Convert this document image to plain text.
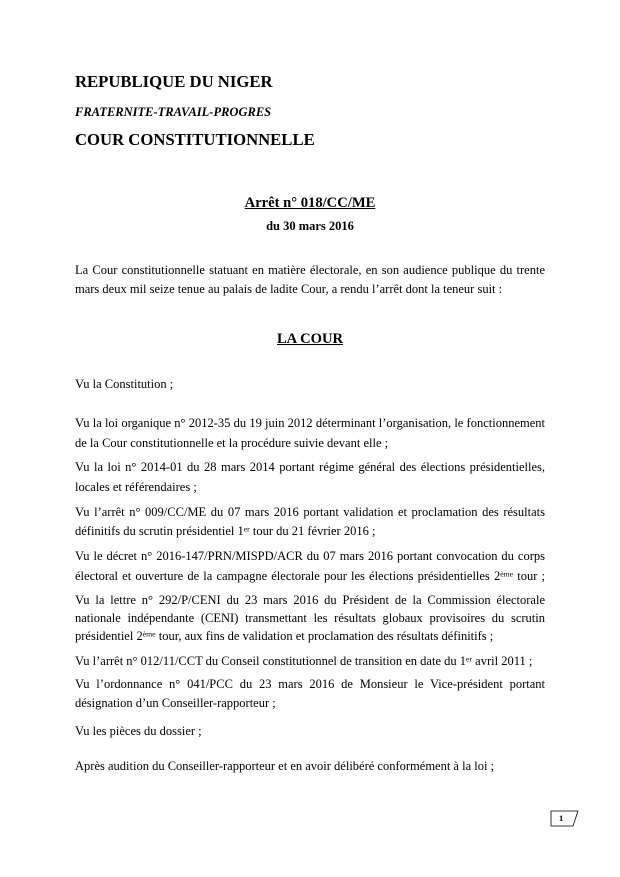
REPUBLIQUE DU NIGER
FRATERNITE-TRAVAIL-PROGRES
COUR CONSTITUTIONNELLE
Arrêt n° 018/CC/ME
du 30 mars 2016
La Cour constitutionnelle statuant en matière électorale, en son audience publique du trente
mars deux mil seize tenue au palais de ladite Cour, a rendu l’arrêt dont la teneur suit :
LA COUR
Vu la Constitution ;
Vu la loi organique n° 2012-35 du 19 juin 2012 déterminant l’organisation, le fonctionnement
de la Cour constitutionnelle et la procédure suivie devant elle ;
Vu la loi n° 2014-01 du 28 mars 2014 portant régime général des élections présidentielles,
locales et référendaires ;
Vu l’arrêt n° 009/CC/ME du 07 mars 2016 portant validation et proclamation des résultats
définitifs du scrutin présidentiel 1er tour du 21 février 2016 ;
Vu le décret n° 2016-147/PRN/MISPD/ACR du 07 mars 2016 portant convocation du corps
électoral et ouverture de la campagne électorale pour les élections présidentielles 2ème tour ;
Vu la lettre n° 292/P/CENI du 23 mars 2016 du Président de la Commission électorale
nationale indépendante (CENI) transmettant les résultats globaux provisoires du scrutin
présidentiel 2ème tour, aux fins de validation et proclamation des résultats définitifs ;
Vu l’arrêt n° 012/11/CCT du Conseil constitutionnel de transition en date du 1er avril 2011 ;
Vu l’ordonnance n° 041/PCC du 23 mars 2016 de Monsieur le Vice-président portant
désignation d’un Conseiller-rapporteur ;
Vu les pièces du dossier ;
Après audition du Conseiller-rapporteur et en avoir délibéré conformément à la loi ;
1
